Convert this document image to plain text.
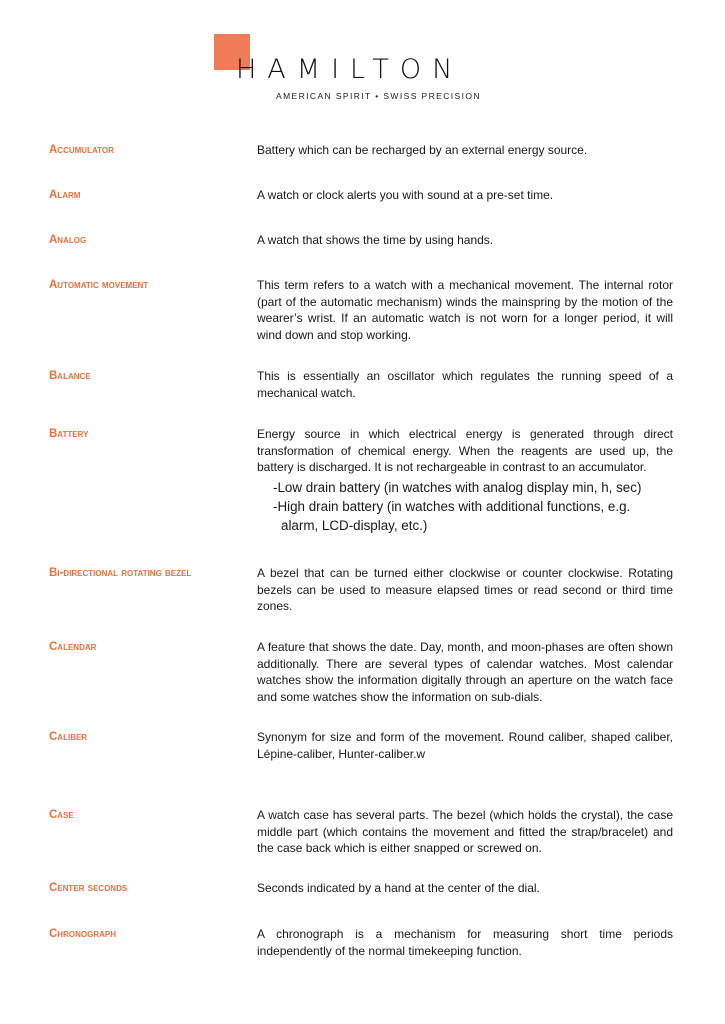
HAMILTON
AMERICAN SPIRIT • SWISS PRECISION
Accumulator	Battery which can be recharged by an external energy source.
Alarm	A watch or clock alerts you with sound at a pre-set time.
Analog	A watch that shows the time by using hands.
Automatic movement	This term refers to a watch with a mechanical movement. The internal rotor (part of the automatic mechanism) winds the mainspring by the motion of the wearer’s wrist. If an automatic watch is not worn for a longer period, it will wind down and stop working.
Balance	This is essentially an oscillator which regulates the running speed of a mechanical watch.
Battery	Energy source in which electrical energy is generated through direct transformation of chemical energy. When the reagents are used up, the battery is discharged. It is not rechargeable in contrast to an accumulator.
-Low drain battery (in watches with analog display min, h, sec)
-High drain battery (in watches with additional functions, e.g.
alarm, LCD-display, etc.)
Bi-directional rotating bezel	A bezel that can be turned either clockwise or counter clockwise. Rotating bezels can be used to measure elapsed times or read second or third time zones.
Calendar	A feature that shows the date. Day, month, and moon-phases are often shown additionally. There are several types of calendar watches. Most calendar watches show the information digitally through an aperture on the watch face and some watches show the information on sub-dials.
Caliber	Synonym for size and form of the movement. Round caliber, shaped caliber, Lépine-caliber, Hunter-caliber.w
Case	A watch case has several parts. The bezel (which holds the crystal), the case middle part (which contains the movement and fitted the strap/bracelet) and the case back which is either snapped or screwed on.
Center seconds	Seconds indicated by a hand at the center of the dial.
Chronograph	A chronograph is a mechanism for measuring short time periods independently of the normal timekeeping function.
